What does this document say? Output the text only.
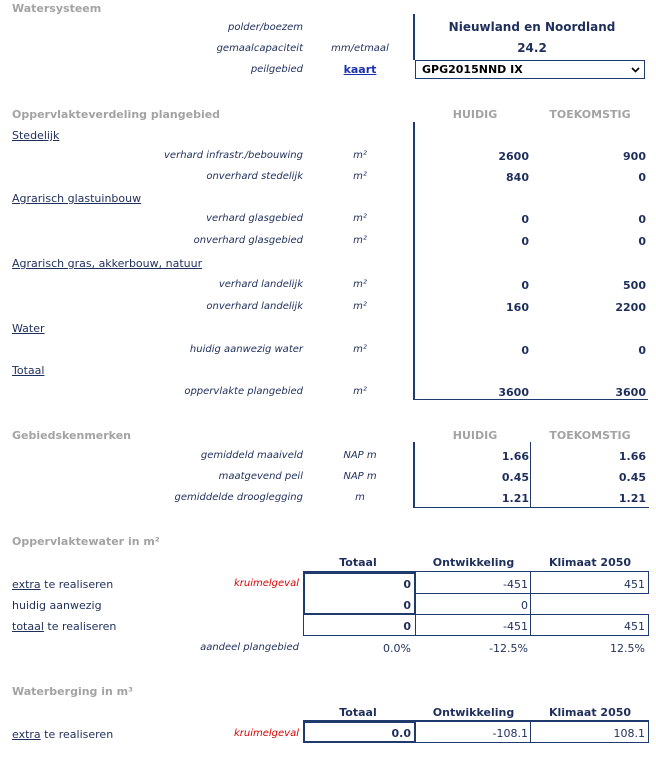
Watersysteem
polder/boezem	Nieuwland en Noordland
gemaalcapaciteit	mm/etmaal	24.2
peilgebied	kaart	GPG2015NND IX
Oppervlakteverdeling plangebied	HUIDIG	TOEKOMSTIG
Stedelijk
verhard infrastr./bebouwing	m²	2600	900
onverhard stedelijk	m²	840	0
Agrarisch glastuinbouw
verhard glasgebied	m²	0	0
onverhard glasgebied	m²	0	0
Agrarisch gras, akkerbouw, natuur
verhard landelijk	m²	0	500
onverhard landelijk	m²	160	2200
Water
huidig aanwezig water	m²	0	0
Totaal
oppervlakte plangebied	m²	3600	3600
Gebiedskenmerken	HUIDIG	TOEKOMSTIG
gemiddeld maaiveld	NAP m	1.66	1.66
maatgevend peil	NAP m	0.45	0.45
gemiddelde drooglegging	m	1.21	1.21
Oppervlaktewater in m²
Totaal	Ontwikkeling	Klimaat 2050
extra te realiseren	kruimelgeval	0	-451	451
huidig aanwezig	0	0
totaal te realiseren	0	-451	451
aandeel plangebied	0.0%	-12.5%	12.5%
Waterberging in m³
Totaal	Ontwikkeling	Klimaat 2050
extra te realiseren	kruimelgeval	0.0	-108.1	108.1
